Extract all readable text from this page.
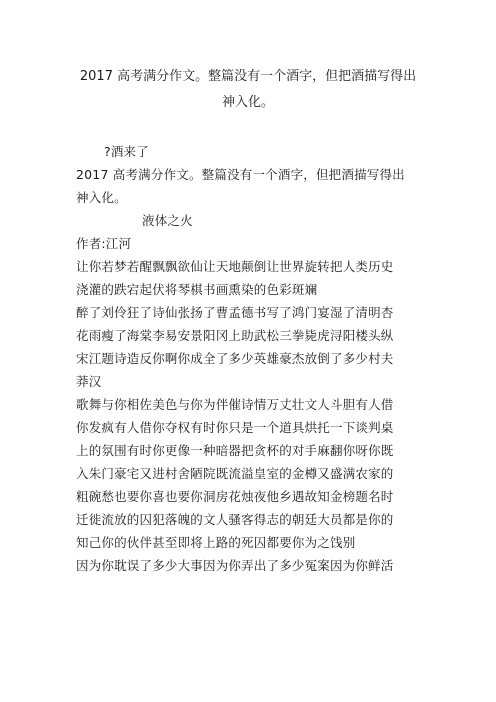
2017 高考满分作文。整篇没有一个酒字，但把酒描写得出
神入化。
?酒来了
2017 高考满分作文。整篇没有一个酒字，但把酒描写得出
神入化。
液体之火
作者:江河
让你若梦若醒飘飘欲仙让天地颠倒让世界旋转把人类历史
浇灌的跌宕起伏将琴棋书画熏染的色彩斑斓
醉了刘伶狂了诗仙张扬了曹孟德书写了鸿门宴湿了清明杏
花雨瘦了海棠李易安景阳冈上助武松三拳毙虎浔阳楼头纵
宋江题诗造反你啊你成全了多少英雄豪杰放倒了多少村夫
莽汉
歌舞与你相佐美色与你为伴催诗情万丈壮文人斗胆有人借
你发疯有人借你夺权有时你只是一个道具烘托一下谈判桌
上的氛围有时你更像一种暗器把贪杯的对手麻翻你呀你既
入朱门豪宅又进村舍陋院既流溢皇室的金樽又盛满农家的
粗碗愁也要你喜也要你洞房花烛夜他乡遇故知金榜题名时
迁徙流放的囚犯落魄的文人骚客得志的朝廷大员都是你的
知己你的伙伴甚至即将上路的死囚都要你为之饯别
因为你耽误了多少大事因为你弄出了多少冤案因为你鲜活
